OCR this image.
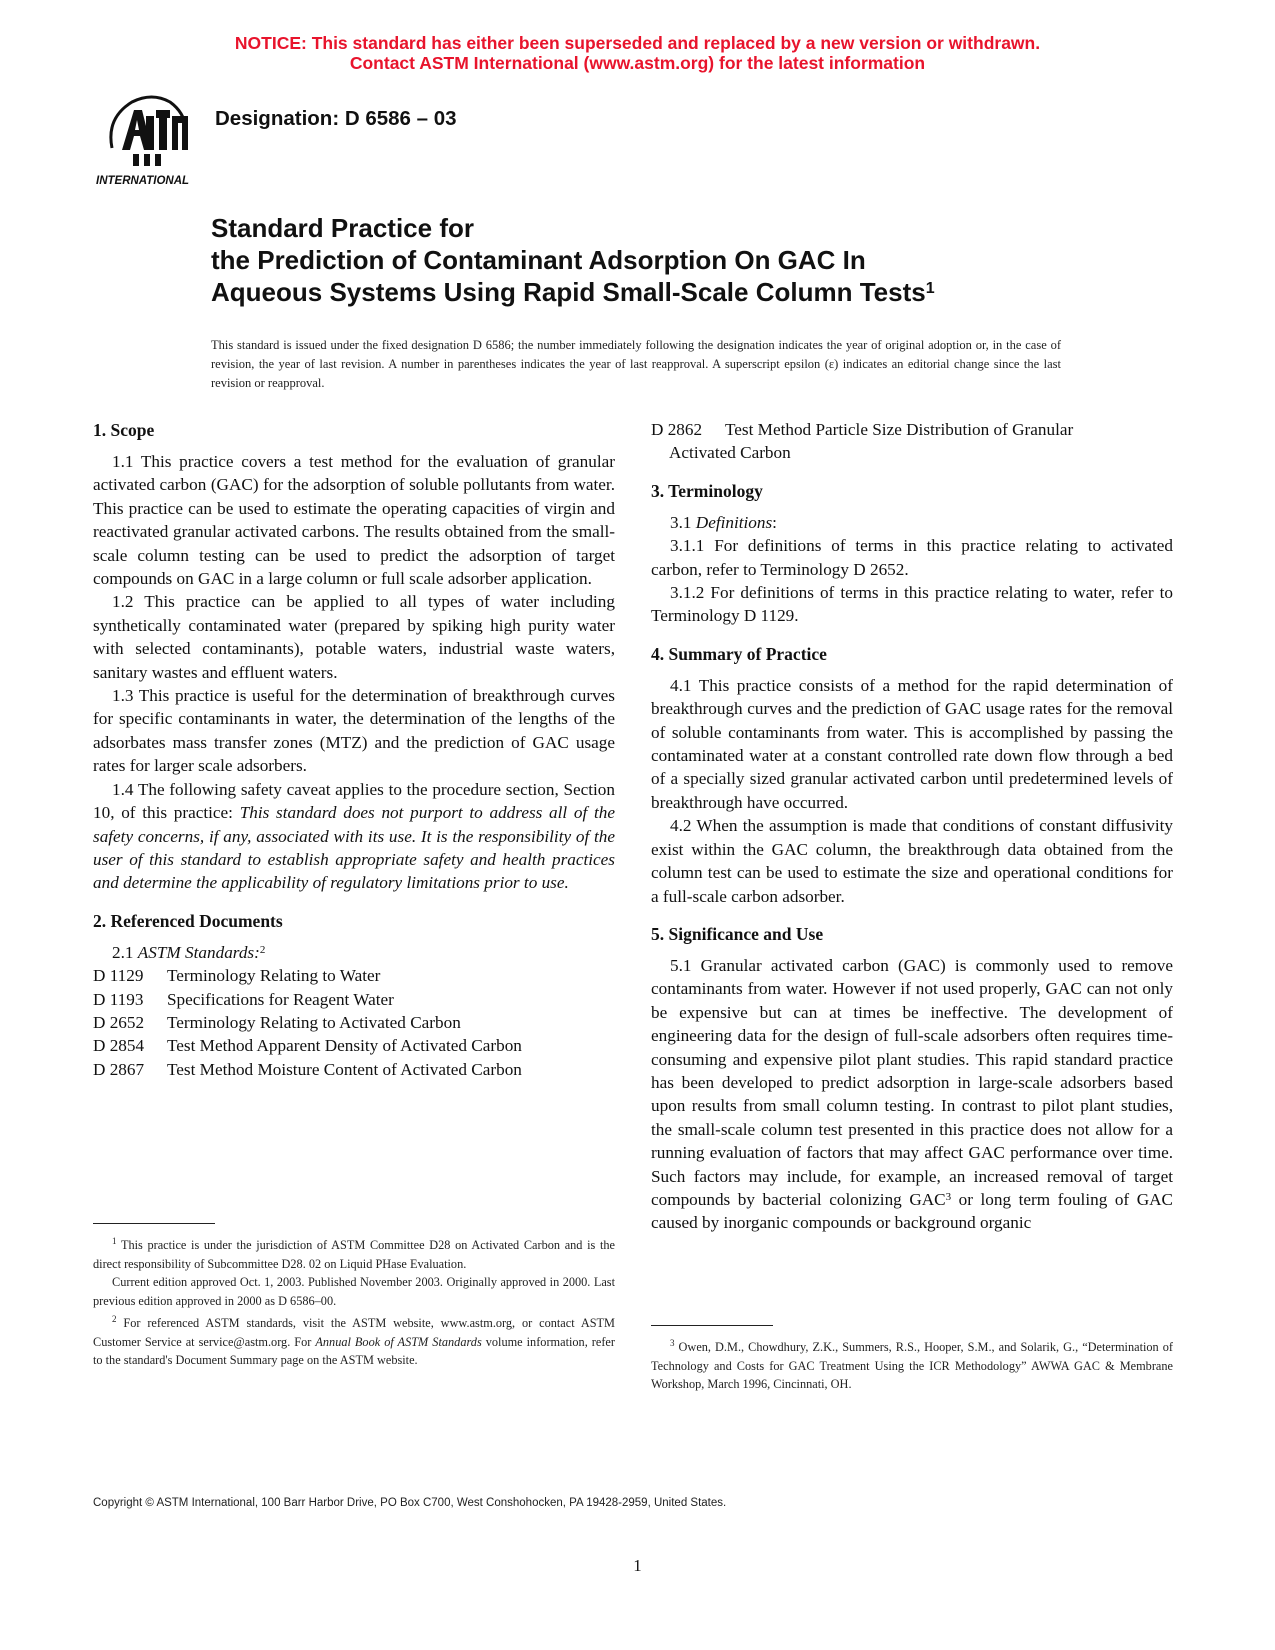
NOTICE: This standard has either been superseded and replaced by a new version or withdrawn.
Contact ASTM International (www.astm.org) for the latest information
INTERNATIONAL
Designation: D 6586 – 03
Standard Practice for
the Prediction of Contaminant Adsorption On GAC In
Aqueous Systems Using Rapid Small-Scale Column Tests$^1$
This standard is issued under the fixed designation D 6586; the number immediately following the designation indicates the year of original adoption or, in the case of revision, the year of last revision. A number in parentheses indicates the year of last reapproval. A superscript epsilon (ε) indicates an editorial change since the last revision or reapproval.
1. Scope

1.1 This practice covers a test method for the evaluation of granular activated carbon (GAC) for the adsorption of soluble pollutants from water. This practice can be used to estimate the operating capacities of virgin and reactivated granular activated carbons. The results obtained from the small-scale column testing can be used to predict the adsorption of target compounds on GAC in a large column or full scale adsorber application.

1.2 This practice can be applied to all types of water including synthetically contaminated water (prepared by spiking high purity water with selected contaminants), potable waters, industrial waste waters, sanitary wastes and effluent waters.

1.3 This practice is useful for the determination of breakthrough curves for specific contaminants in water, the determination of the lengths of the adsorbates mass transfer zones (MTZ) and the prediction of GAC usage rates for larger scale adsorbers.

1.4 The following safety caveat applies to the procedure section, Section 10, of this practice: This standard does not purport to address all of the safety concerns, if any, associated with its use. It is the responsibility of the user of this standard to establish appropriate safety and health practices and determine the applicability of regulatory limitations prior to use.

2. Referenced Documents

2.1 ASTM Standards:$^2$

D 1129 Terminology Relating to Water
D 1193 Specifications for Reagent Water
D 2652 Terminology Relating to Activated Carbon
D 2854 Test Method Apparent Density of Activated Carbon
D 2867 Test Method Moisture Content of Activated Carbon

$^1$ This practice is under the jurisdiction of ASTM Committee D28 on Activated Carbon and is the direct responsibility of Subcommittee D28. 02 on Liquid PHase Evaluation.

Current edition approved Oct. 1, 2003. Published November 2003. Originally approved in 2000. Last previous edition approved in 2000 as D 6586–00.

$^2$ For referenced ASTM standards, visit the ASTM website, www.astm.org, or contact ASTM Customer Service at service@astm.org. For Annual Book of ASTM Standards volume information, refer to the standard's Document Summary page on the ASTM website.

D 2862 Test Method Particle Size Distribution of Granular
Activated Carbon
3. Terminology

3.1 Definitions:

3.1.1 For definitions of terms in this practice relating to activated carbon, refer to Terminology D 2652.

3.1.2 For definitions of terms in this practice relating to water, refer to Terminology D 1129.

4. Summary of Practice

4.1 This practice consists of a method for the rapid determination of breakthrough curves and the prediction of GAC usage rates for the removal of soluble contaminants from water. This is accomplished by passing the contaminated water at a constant controlled rate down flow through a bed of a specially sized granular activated carbon until predetermined levels of breakthrough have occurred.

4.2 When the assumption is made that conditions of constant diffusivity exist within the GAC column, the breakthrough data obtained from the column test can be used to estimate the size and operational conditions for a full-scale carbon adsorber.

5. Significance and Use

5.1 Granular activated carbon (GAC) is commonly used to remove contaminants from water. However if not used properly, GAC can not only be expensive but can at times be ineffective. The development of engineering data for the design of full-scale adsorbers often requires time-consuming and expensive pilot plant studies. This rapid standard practice has been developed to predict adsorption in large-scale adsorbers based upon results from small column testing. In contrast to pilot plant studies, the small-scale column test presented in this practice does not allow for a running evaluation of factors that may affect GAC performance over time. Such factors may include, for example, an increased removal of target compounds by bacterial colonizing GAC$^3$ or long term fouling of GAC caused by inorganic compounds or background organic

$^3$ Owen, D.M., Chowdhury, Z.K., Summers, R.S., Hooper, S.M., and Solarik, G., “Determination of Technology and Costs for GAC Treatment Using the ICR Methodology” AWWA GAC & Membrane Workshop, March 1996, Cincinnati, OH.

Copyright © ASTM International, 100 Barr Harbor Drive, PO Box C700, West Conshohocken, PA 19428-2959, United States.
1
